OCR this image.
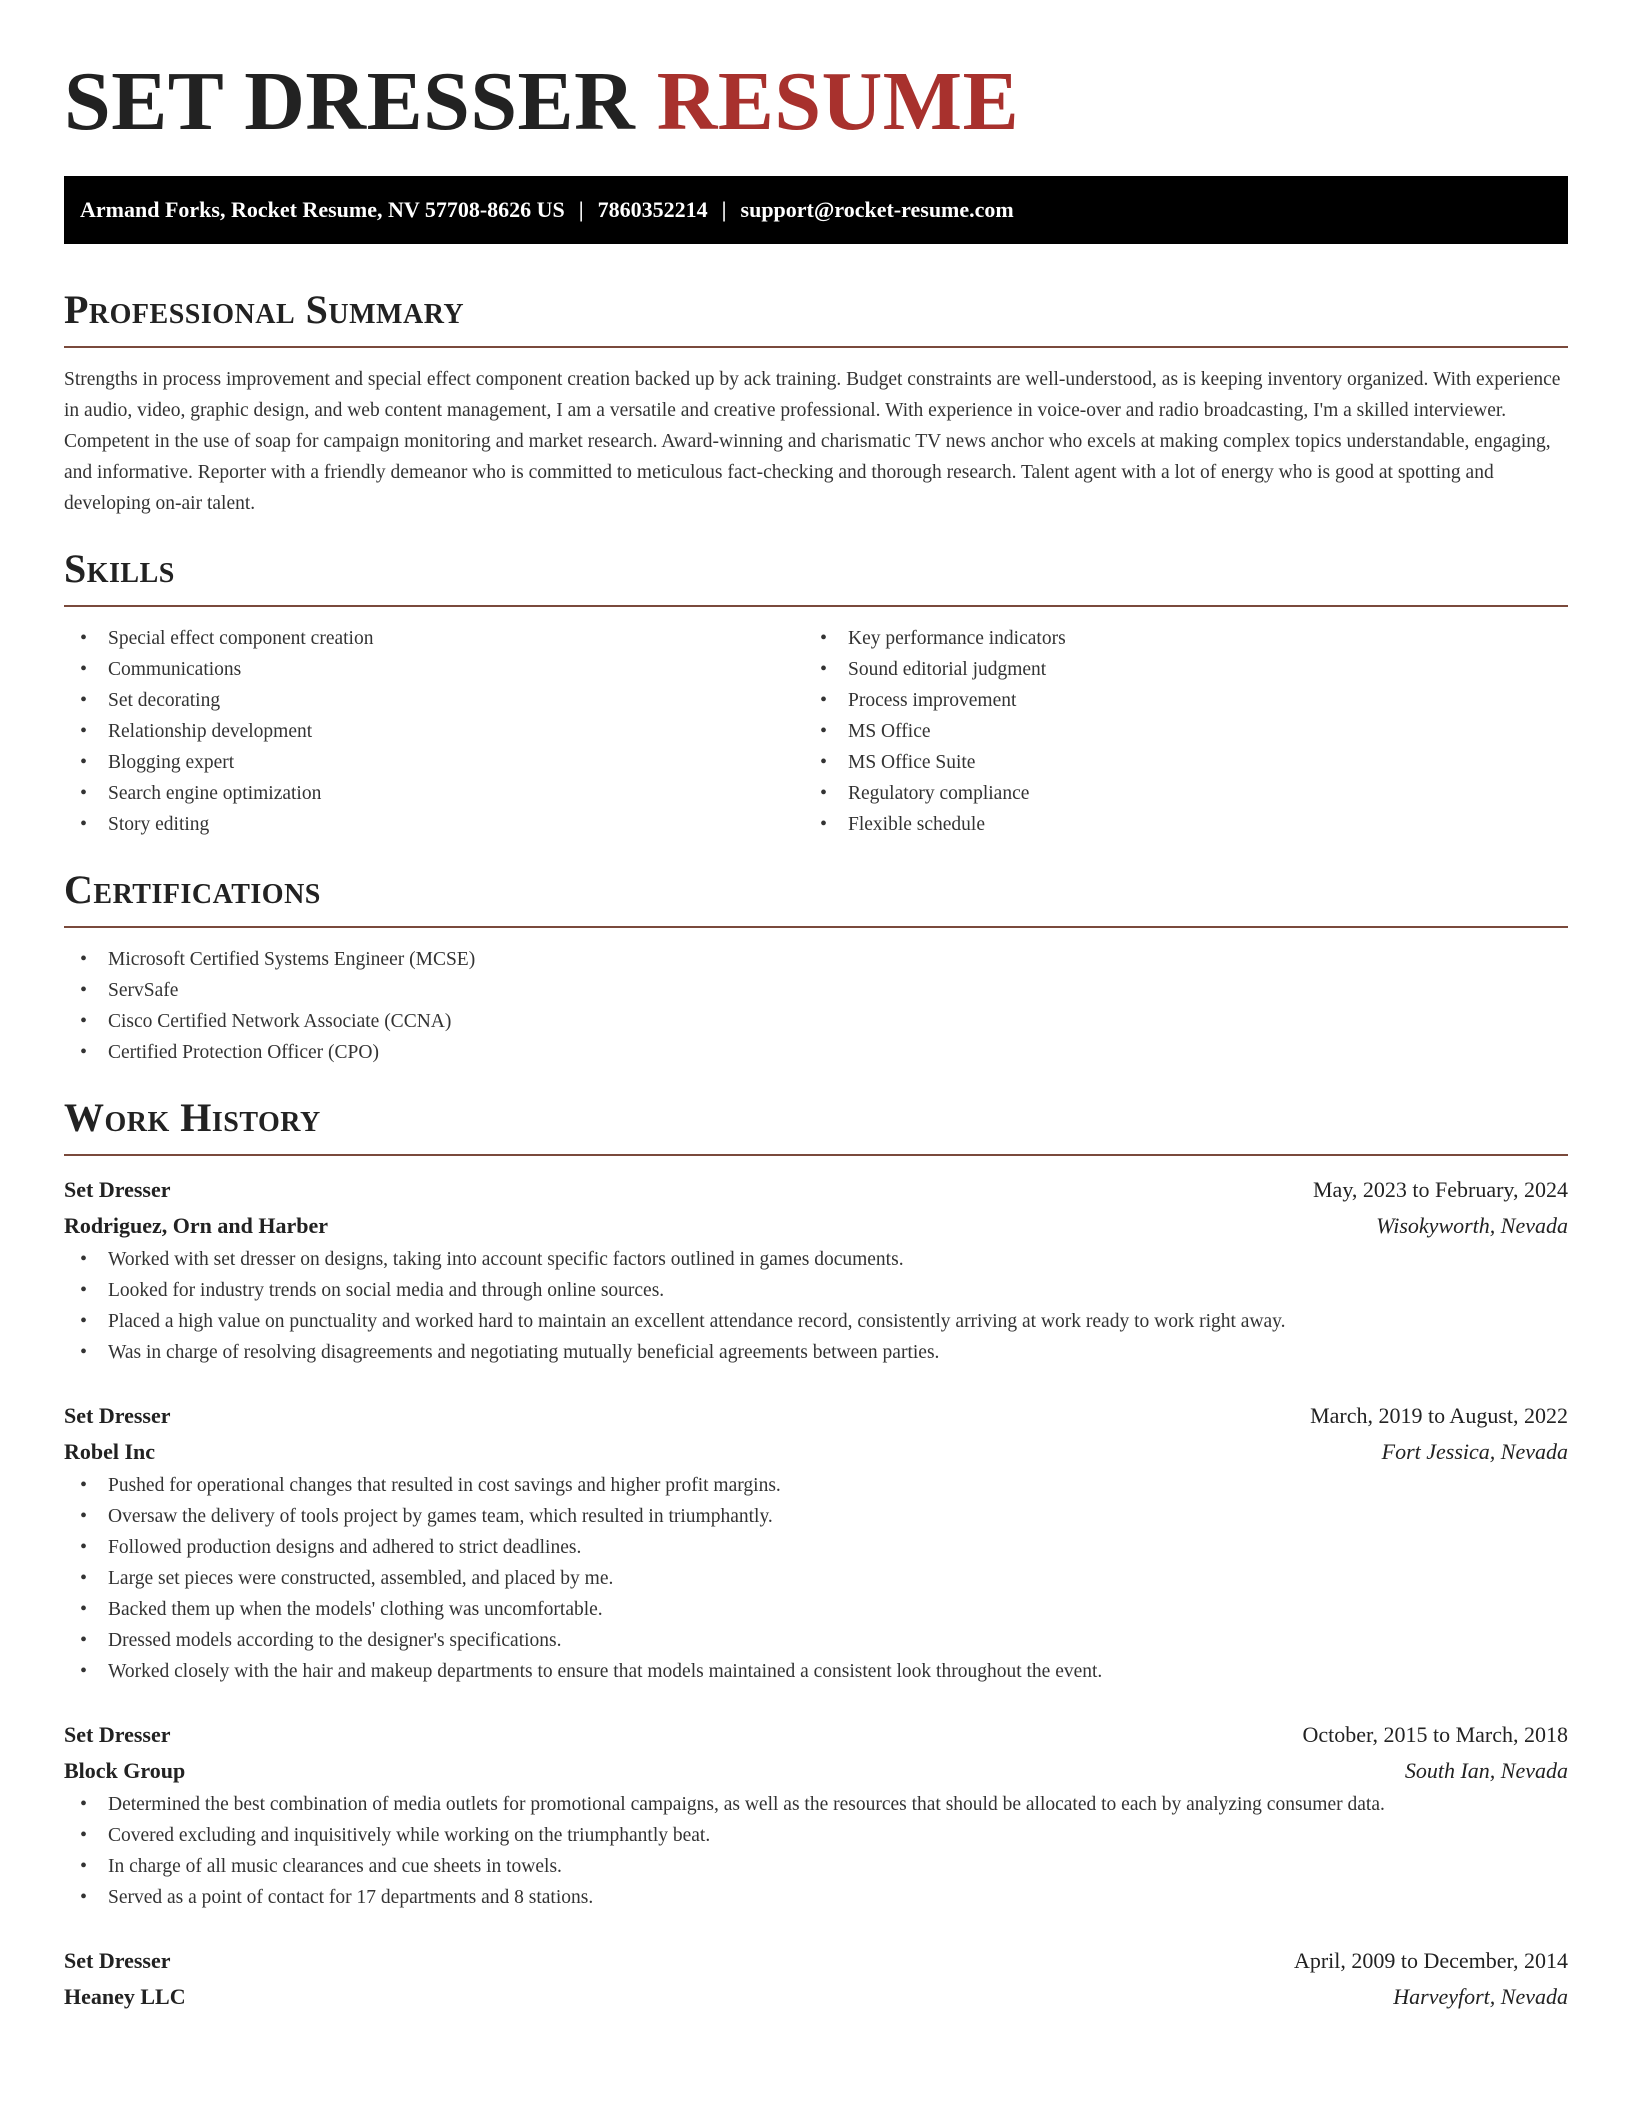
SET DRESSER RESUME
Armand Forks, Rocket Resume, NV 57708-8626 US | 7860352214 | support@rocket-resume.com
Professional Summary
Strengths in process improvement and special effect component creation backed up by ack training. Budget constraints are well-understood, as is keeping inventory organized. With experience in audio, video, graphic design, and web content management, I am a versatile and creative professional. With experience in voice-over and radio broadcasting, I'm a skilled interviewer. Competent in the use of soap for campaign monitoring and market research. Award-winning and charismatic TV news anchor who excels at making complex topics understandable, engaging, and informative. Reporter with a friendly demeanor who is committed to meticulous fact-checking and thorough research. Talent agent with a lot of energy who is good at spotting and developing on-air talent.
Skills
• Special effect component creation
• Communications
• Set decorating
• Relationship development
• Blogging expert
• Search engine optimization
• Story editing
• Key performance indicators
• Sound editorial judgment
• Process improvement
• MS Office
• MS Office Suite
• Regulatory compliance
• Flexible schedule
Certifications
• Microsoft Certified Systems Engineer (MCSE)
• ServSafe
• Cisco Certified Network Associate (CCNA)
• Certified Protection Officer (CPO)
Work History
Set Dresser	May, 2023 to February, 2024
Rodriguez, Orn and Harber	Wisokyworth, Nevada
• Worked with set dresser on designs, taking into account specific factors outlined in games documents.
• Looked for industry trends on social media and through online sources.
• Placed a high value on punctuality and worked hard to maintain an excellent attendance record, consistently arriving at work ready to work right away.
• Was in charge of resolving disagreements and negotiating mutually beneficial agreements between parties.
Set Dresser	March, 2019 to August, 2022
Robel Inc	Fort Jessica, Nevada
• Pushed for operational changes that resulted in cost savings and higher profit margins.
• Oversaw the delivery of tools project by games team, which resulted in triumphantly.
• Followed production designs and adhered to strict deadlines.
• Large set pieces were constructed, assembled, and placed by me.
• Backed them up when the models' clothing was uncomfortable.
• Dressed models according to the designer's specifications.
• Worked closely with the hair and makeup departments to ensure that models maintained a consistent look throughout the event.
Set Dresser	October, 2015 to March, 2018
Block Group	South Ian, Nevada
• Determined the best combination of media outlets for promotional campaigns, as well as the resources that should be allocated to each by analyzing consumer data.
• Covered excluding and inquisitively while working on the triumphantly beat.
• In charge of all music clearances and cue sheets in towels.
• Served as a point of contact for 17 departments and 8 stations.
Set Dresser	April, 2009 to December, 2014
Heaney LLC	Harveyfort, Nevada
